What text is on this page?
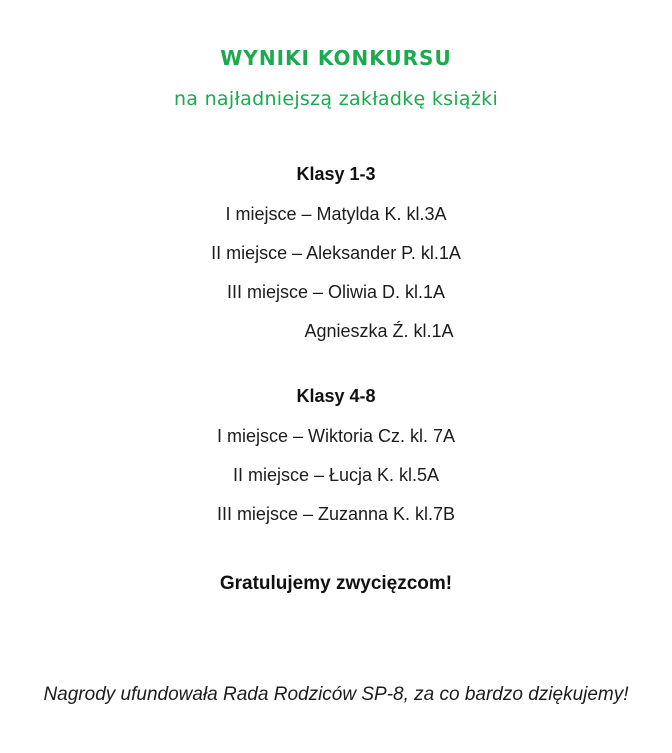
WYNIKI KONKURSU
na najładniejszą zakładkę książki
Klasy 1-3

I miejsce – Matylda K. kl.3A

II miejsce – Aleksander P. kl.1A

III miejsce – Oliwia D. kl.1A

Agnieszka Ź. kl.1A

Klasy 4-8

I miejsce – Wiktoria Cz. kl. 7A

II miejsce – Łucja K. kl.5A

III miejsce – Zuzanna K. kl.7B

Gratulujemy zwycięzcom!

Nagrody ufundowała Rada Rodziców SP-8, za co bardzo dziękujemy!
